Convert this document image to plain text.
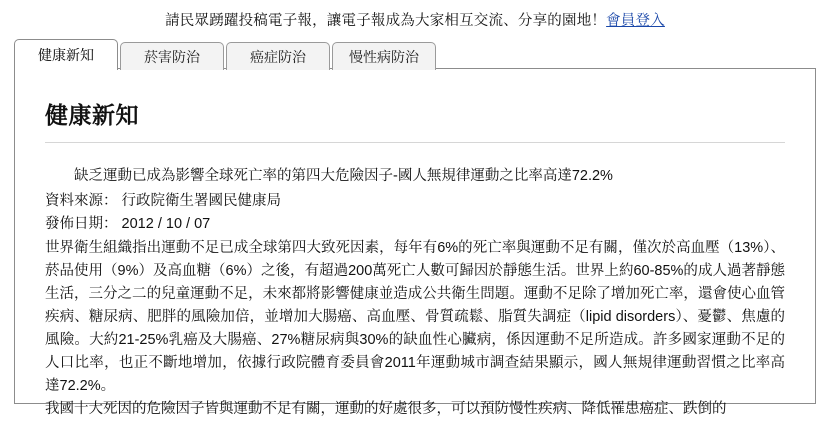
請民眾踴躍投稿電子報，讓電子報成為大家相互交流、分享的園地！ 會員登入
健康新知	菸害防治	癌症防治	慢性病防治
健康新知

缺乏運動已成為影響全球死亡率的第四大危險因子-國人無規律運動之比率高達72.2%

資料來源： 行政院衛生署國民健康局

發佈日期： 2012 / 10 / 07

世界衛生組織指出運動不足已成全球第四大致死因素，每年有6%的死亡率與運動不足有關，僅次於高血壓（13%）、菸品使用（9%）及高血糖（6%）之後，有超過200萬死亡人數可歸因於靜態生活。世界上約60-85%的成人過著靜態生活，三分之二的兒童運動不足，未來都將影響健康並造成公共衛生問題。運動不足除了增加死亡率，還會使心血管疾病、糖尿病、肥胖的風險加倍，並增加大腸癌、高血壓、骨質疏鬆、脂質失調症（lipid disorders）、憂鬱、焦慮的風險。大約21-25%乳癌及大腸癌、27%糖尿病與30%的缺血性心臟病，係因運動不足所造成。許多國家運動不足的人口比率，也正不斷地增加，依據行政院體育委員會2011年運動城市調查結果顯示，國人無規律運動習慣之比率高達72.2%。

我國十大死因的危險因子皆與運動不足有關，運動的好處很多，可以預防慢性疾病、降低罹患癌症、跌倒的
